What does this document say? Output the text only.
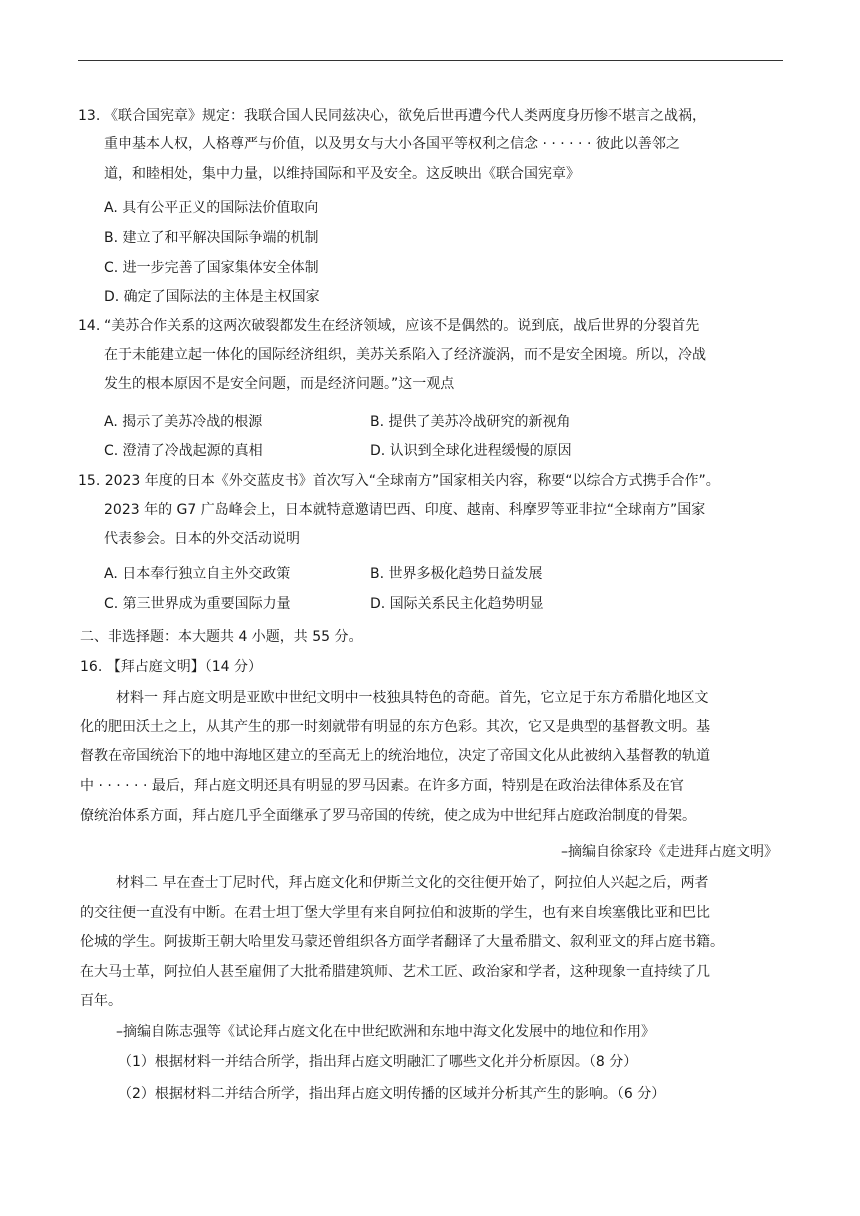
13. 《联合国宪章》规定：我联合国人民同兹决心，欲免后世再遭今代人类两度身历惨不堪言之战祸，
重申基本人权，人格尊严与价值，以及男女与大小各国平等权利之信念 · · · · · · 彼此以善邻之
道，和睦相处，集中力量，以维持国际和平及安全。这反映出《联合国宪章》
A. 具有公平正义的国际法价值取向
B. 建立了和平解决国际争端的机制
C. 进一步完善了国家集体安全体制
D. 确定了国际法的主体是主权国家
14. “美苏合作关系的这两次破裂都发生在经济领域，应该不是偶然的。说到底，战后世界的分裂首先
在于未能建立起一体化的国际经济组织，美苏关系陷入了经济漩涡，而不是安全困境。所以，冷战
发生的根本原因不是安全问题，而是经济问题。”这一观点
A. 揭示了美苏冷战的根源	B. 提供了美苏冷战研究的新视角
C. 澄清了冷战起源的真相	D. 认识到全球化进程缓慢的原因
15. 2023 年度的日本《外交蓝皮书》首次写入“全球南方”国家相关内容，称要“以综合方式携手合作”。
2023 年的 G7 广岛峰会上，日本就特意邀请巴西、印度、越南、科摩罗等亚非拉“全球南方”国家
代表参会。日本的外交活动说明
A. 日本奉行独立自主外交政策	B. 世界多极化趋势日益发展
C. 第三世界成为重要国际力量	D. 国际关系民主化趋势明显
二、非选择题：本大题共 4 小题，共 55 分。
16. 【拜占庭文明】（14 分）
材料一 拜占庭文明是亚欧中世纪文明中一枝独具特色的奇葩。首先，它立足于东方希腊化地区文
化的肥田沃土之上，从其产生的那一时刻就带有明显的东方色彩。其次，它又是典型的基督教文明。基
督教在帝国统治下的地中海地区建立的至高无上的统治地位，决定了帝国文化从此被纳入基督教的轨道
中 · · · · · · 最后，拜占庭文明还具有明显的罗马因素。在许多方面，特别是在政治法律体系及在官
僚统治体系方面，拜占庭几乎全面继承了罗马帝国的传统，使之成为中世纪拜占庭政治制度的骨架。
–摘编自徐家玲《走进拜占庭文明》
材料二 早在查士丁尼时代，拜占庭文化和伊斯兰文化的交往便开始了，阿拉伯人兴起之后，两者
的交往便一直没有中断。在君士坦丁堡大学里有来自阿拉伯和波斯的学生，也有来自埃塞俄比亚和巴比
伦城的学生。阿拔斯王朝大哈里发马蒙还曾组织各方面学者翻译了大量希腊文、叙利亚文的拜占庭书籍。
在大马士革，阿拉伯人甚至雇佣了大批希腊建筑师、艺术工匠、政治家和学者，这种现象一直持续了几
百年。
–摘编自陈志强等《试论拜占庭文化在中世纪欧洲和东地中海文化发展中的地位和作用》
（1）根据材料一并结合所学，指出拜占庭文明融汇了哪些文化并分析原因。（8 分）
（2）根据材料二并结合所学，指出拜占庭文明传播的区域并分析其产生的影响。（6 分）
